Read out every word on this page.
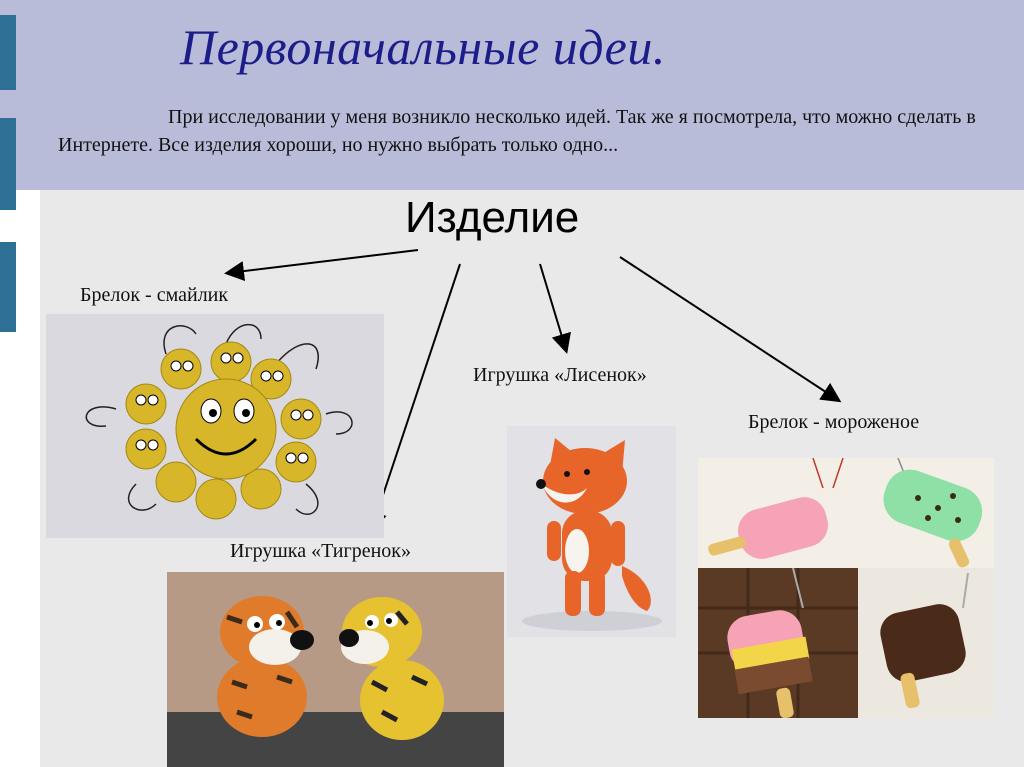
Первоначальные идеи.
При исследовании у меня возникло несколько идей. Так же я посмотрела, что можно сделать в Интернете. Все изделия хороши, но нужно выбрать только одно...
Изделие
Брелок - смайлик
Игрушка «Тигренок»
Игрушка «Лисенок»
Брелок - мороженое
